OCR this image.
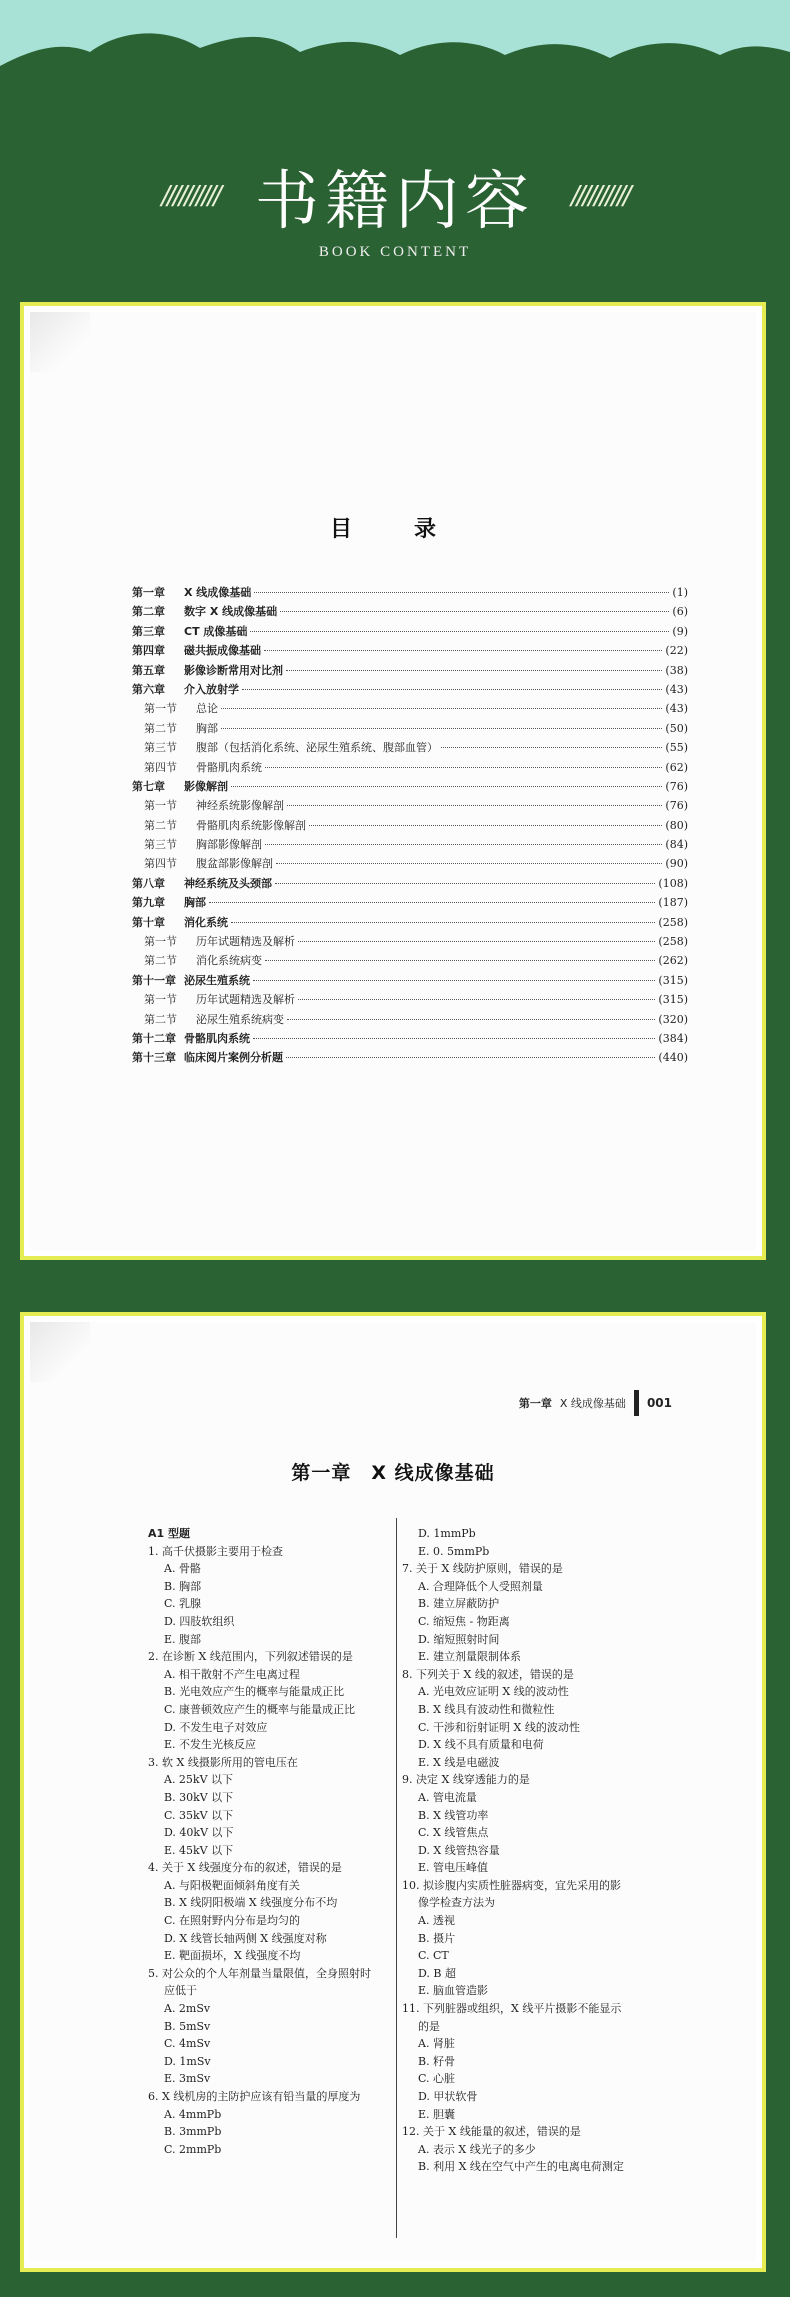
////////// 书籍内容 //////////
BOOK CONTENT
目　录
第一章	X 线成像基础	(1)
第二章	数字 X 线成像基础	(6)
第三章	CT 成像基础	(9)
第四章	磁共振成像基础	(22)
第五章	影像诊断常用对比剂	(38)
第六章	介入放射学	(43)
第一节	总论	(43)
第二节	胸部	(50)
第三节	腹部（包括消化系统、泌尿生殖系统、腹部血管）	(55)
第四节	骨骼肌肉系统	(62)
第七章	影像解剖	(76)
第一节	神经系统影像解剖	(76)
第二节	骨骼肌肉系统影像解剖	(80)
第三节	胸部影像解剖	(84)
第四节	腹盆部影像解剖	(90)
第八章	神经系统及头颈部	(108)
第九章	胸部	(187)
第十章	消化系统	(258)
第一节	历年试题精选及解析	(258)
第二节	消化系统病变	(262)
第十一章 泌尿生殖系统	(315)
第一节	历年试题精选及解析	(315)
第二节	泌尿生殖系统病变	(320)
第十二章 骨骼肌肉系统	(384)
第十三章 临床阅片案例分析题	(440)
第一章 X 线成像基础 001
第一章　X 线成像基础
A1 型题
1. 高千伏摄影主要用于检查
A. 骨骼
B. 胸部
C. 乳腺
D. 四肢软组织
E. 腹部
2. 在诊断 X 线范围内，下列叙述错误的是
A. 相干散射不产生电离过程
B. 光电效应产生的概率与能量成正比
C. 康普顿效应产生的概率与能量成正比
D. 不发生电子对效应
E. 不发生光核反应
3. 软 X 线摄影所用的管电压在
A. 25kV 以下
B. 30kV 以下
C. 35kV 以下
D. 40kV 以下
E. 45kV 以下
4. 关于 X 线强度分布的叙述，错误的是
A. 与阳极靶面倾斜角度有关
B. X 线阴阳极端 X 线强度分布不均
C. 在照射野内分布是均匀的
D. X 线管长轴两侧 X 线强度对称
E. 靶面损坏，X 线强度不均
5. 对公众的个人年剂量当量限值，全身照射时
应低于
A. 2mSv
B. 5mSv
C. 4mSv
D. 1mSv
E. 3mSv
6. X 线机房的主防护应该有铅当量的厚度为
A. 4mmPb
B. 3mmPb
C. 2mmPb
D. 1mmPb
E. 0. 5mmPb
7. 关于 X 线防护原则，错误的是
A. 合理降低个人受照剂量
B. 建立屏蔽防护
C. 缩短焦 - 物距离
D. 缩短照射时间
E. 建立剂量限制体系
8. 下列关于 X 线的叙述，错误的是
A. 光电效应证明 X 线的波动性
B. X 线具有波动性和微粒性
C. 干涉和衍射证明 X 线的波动性
D. X 线不具有质量和电荷
E. X 线是电磁波
9. 决定 X 线穿透能力的是
A. 管电流量
B. X 线管功率
C. X 线管焦点
D. X 线管热容量
E. 管电压峰值
10. 拟诊腹内实质性脏器病变，宜先采用的影
像学检查方法为
A. 透视
B. 摄片
C. CT
D. B 超
E. 脑血管造影
11. 下列脏器或组织，X 线平片摄影不能显示
的是
A. 肾脏
B. 籽骨
C. 心脏
D. 甲状软骨
E. 胆囊
12. 关于 X 线能量的叙述，错误的是
A. 表示 X 线光子的多少
B. 利用 X 线在空气中产生的电离电荷测定
